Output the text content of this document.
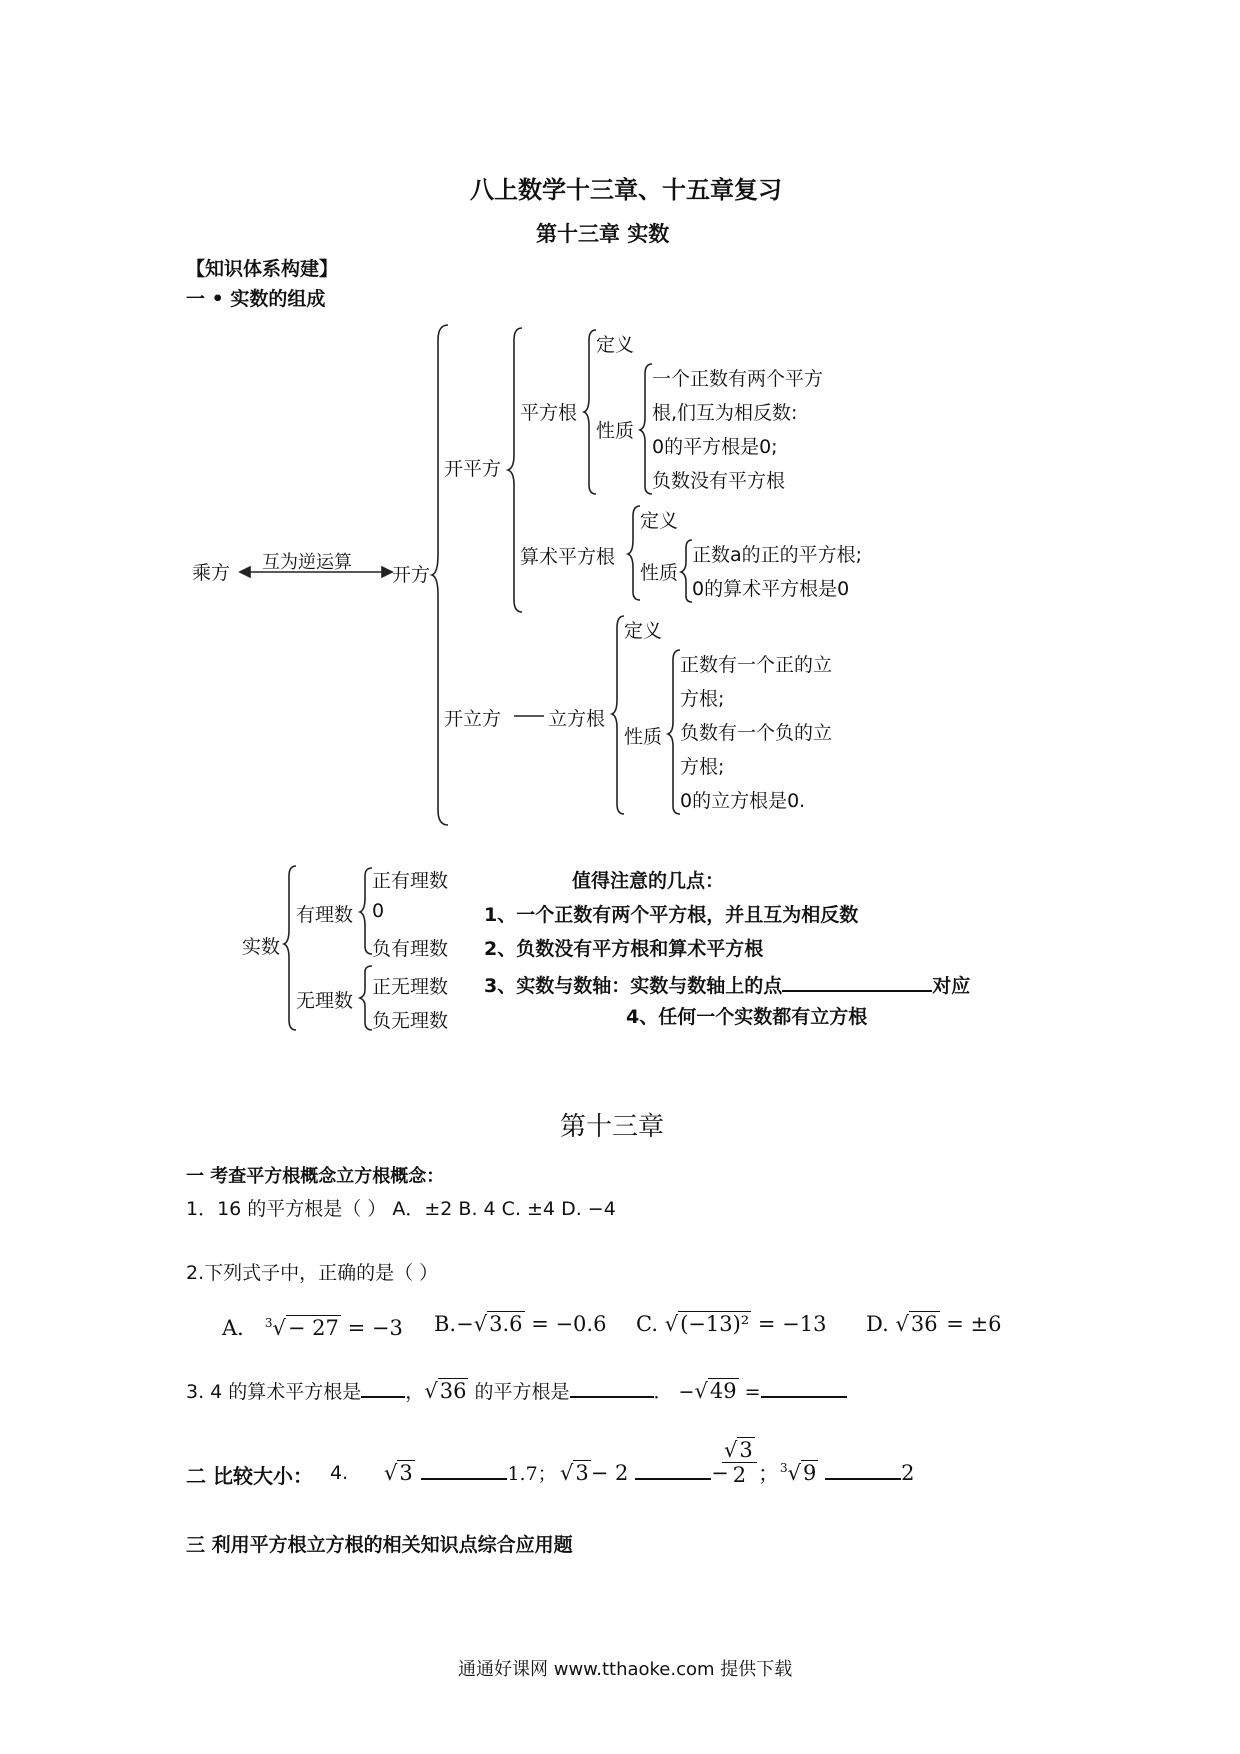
八上数学十三章、十五章复习
第十三章 实数
【知识体系构建】
一 • 实数的组成
乘方 互为逆运算
开方
开平方
平方根
定义
性质
一个正数有两个平方
根,们互为相反数:
0的平方根是0;
负数没有平方根
算术平方根
定义
性质
正数a的正的平方根;
0的算术平方根是0
开立方 立方根
定义
性质
正数有一个正的立
方根;
负数有一个负的立
方根;
0的立方根是0.
实数
有理数
无理数
正有理数
0
负有理数
正无理数
负无理数
值得注意的几点：
1、一个正数有两个平方根，并且互为相反数
2、负数没有平方根和算术平方根
3、实数与数轴：实数与数轴上的点	对应
4、任何一个实数都有立方根
第十三章
一 考查平方根概念立方根概念：
1．16 的平方根是（ ） A．±2 B. 4 C. ±4 D. −4
2.下列式子中，正确的是（ ）
A． $^3$√− 27 = −3 B.−√3.6 = −0.6 C. √(−13)² = −13 D. √36 = ±6
3. 4 的算术平方根是 ，√36 的平方根是	． −√49 =
二 比较大小： 4. √3	1.7； √3− 2	−
$\frac{√3}{2}$ ； $^3$√9	2
三 利用平方根立方根的相关知识点综合应用题
通通好课网 www.tthaoke.com 提供下载
